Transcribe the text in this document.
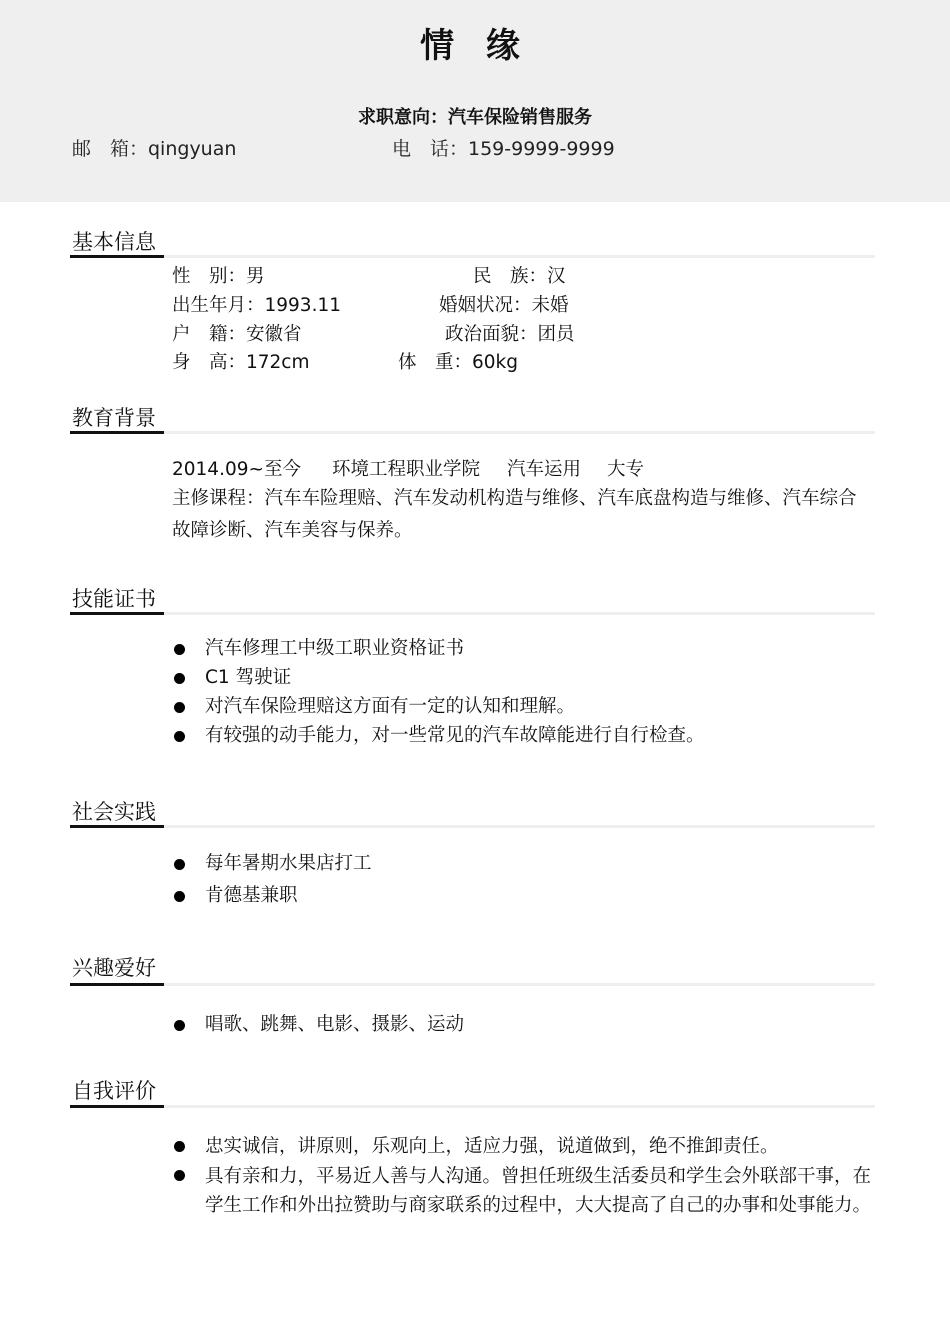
情 缘
求职意向：汽车保险销售服务
邮　箱：qingyuan	电　话：159-9999-9999
基本信息
性　别：男	民　族：汉
出生年月：1993.11	婚姻状况：未婚
户　籍：安徽省	政治面貌：团员
身　高：172cm	体　重：60kg
教育背景
2014.09~至今 环境工程职业学院 汽车运用 大专
主修课程：汽车车险理赔、汽车发动机构造与维修、汽车底盘构造与维修、汽车综合故障诊断、汽车美容与保养。
技能证书
汽车修理工中级工职业资格证书
C1 驾驶证
对汽车保险理赔这方面有一定的认知和理解。
有较强的动手能力，对一些常见的汽车故障能进行自行检查。
社会实践
每年暑期水果店打工
肯德基兼职
兴趣爱好
唱歌、跳舞、电影、摄影、运动
自我评价
忠实诚信，讲原则，乐观向上，适应力强，说道做到，绝不推卸责任。
具有亲和力，平易近人善与人沟通。曾担任班级生活委员和学生会外联部干事，在学生工作和外出拉赞助与商家联系的过程中，大大提高了自己的办事和处事能力。
